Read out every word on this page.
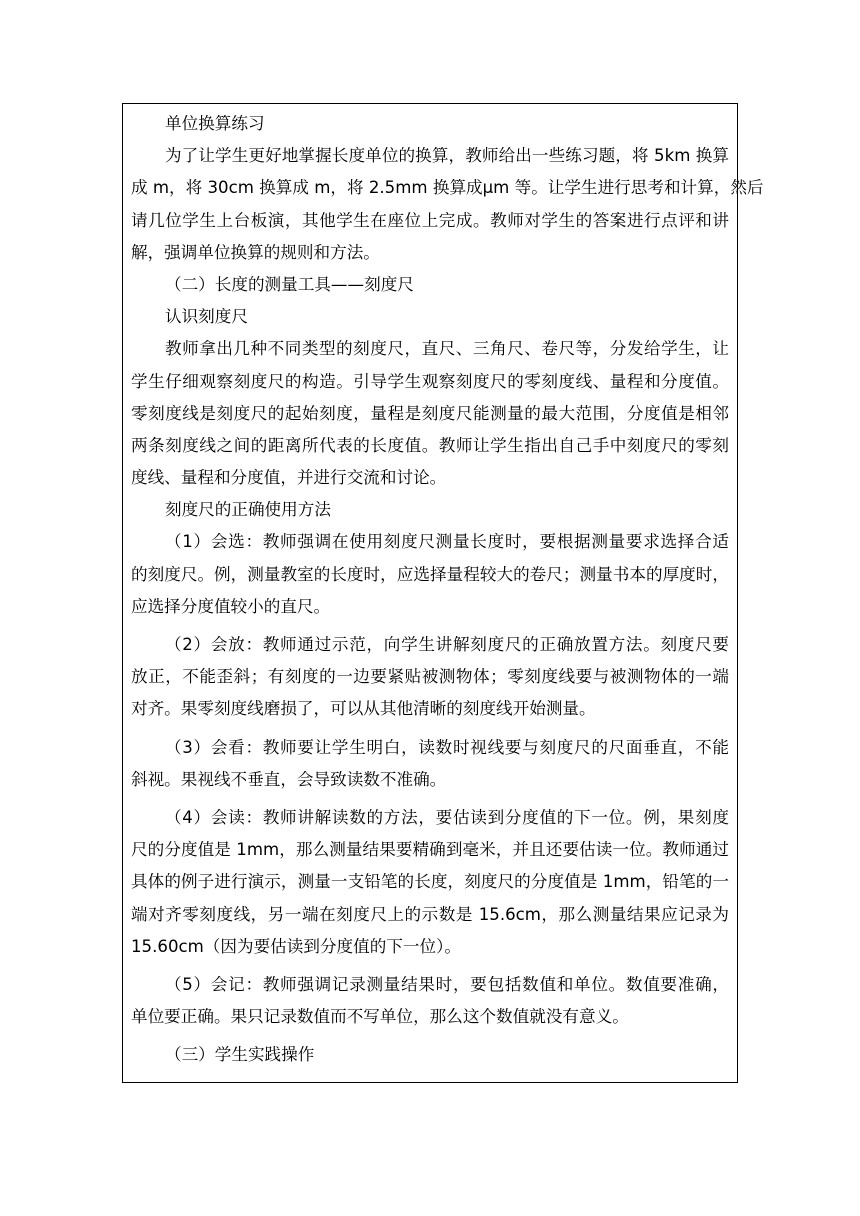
单位换算练习
为了让学生更好地掌握长度单位的换算，教师给出一些练习题，将 5km 换算
成 m，将 30cm 换算成 m，将 2.5mm 换算成μm 等。让学生进行思考和计算，然后
请几位学生上台板演，其他学生在座位上完成。教师对学生的答案进行点评和讲
解，强调单位换算的规则和方法。
（二）长度的测量工具——刻度尺
认识刻度尺
教师拿出几种不同类型的刻度尺，直尺、三角尺、卷尺等，分发给学生，让
学生仔细观察刻度尺的构造。引导学生观察刻度尺的零刻度线、量程和分度值。
零刻度线是刻度尺的起始刻度，量程是刻度尺能测量的最大范围，分度值是相邻
两条刻度线之间的距离所代表的长度值。教师让学生指出自己手中刻度尺的零刻
度线、量程和分度值，并进行交流和讨论。
刻度尺的正确使用方法
（1）会选：教师强调在使用刻度尺测量长度时，要根据测量要求选择合适
的刻度尺。例，测量教室的长度时，应选择量程较大的卷尺；测量书本的厚度时，
应选择分度值较小的直尺。
（2）会放：教师通过示范，向学生讲解刻度尺的正确放置方法。刻度尺要
放正，不能歪斜；有刻度的一边要紧贴被测物体；零刻度线要与被测物体的一端
对齐。果零刻度线磨损了，可以从其他清晰的刻度线开始测量。
（3）会看：教师要让学生明白，读数时视线要与刻度尺的尺面垂直，不能
斜视。果视线不垂直，会导致读数不准确。
（4）会读：教师讲解读数的方法，要估读到分度值的下一位。例，果刻度
尺的分度值是 1mm，那么测量结果要精确到毫米，并且还要估读一位。教师通过
具体的例子进行演示，测量一支铅笔的长度，刻度尺的分度值是 1mm，铅笔的一
端对齐零刻度线，另一端在刻度尺上的示数是 15.6cm，那么测量结果应记录为
15.60cm（因为要估读到分度值的下一位）。
（5）会记：教师强调记录测量结果时，要包括数值和单位。数值要准确，
单位要正确。果只记录数值而不写单位，那么这个数值就没有意义。
（三）学生实践操作
